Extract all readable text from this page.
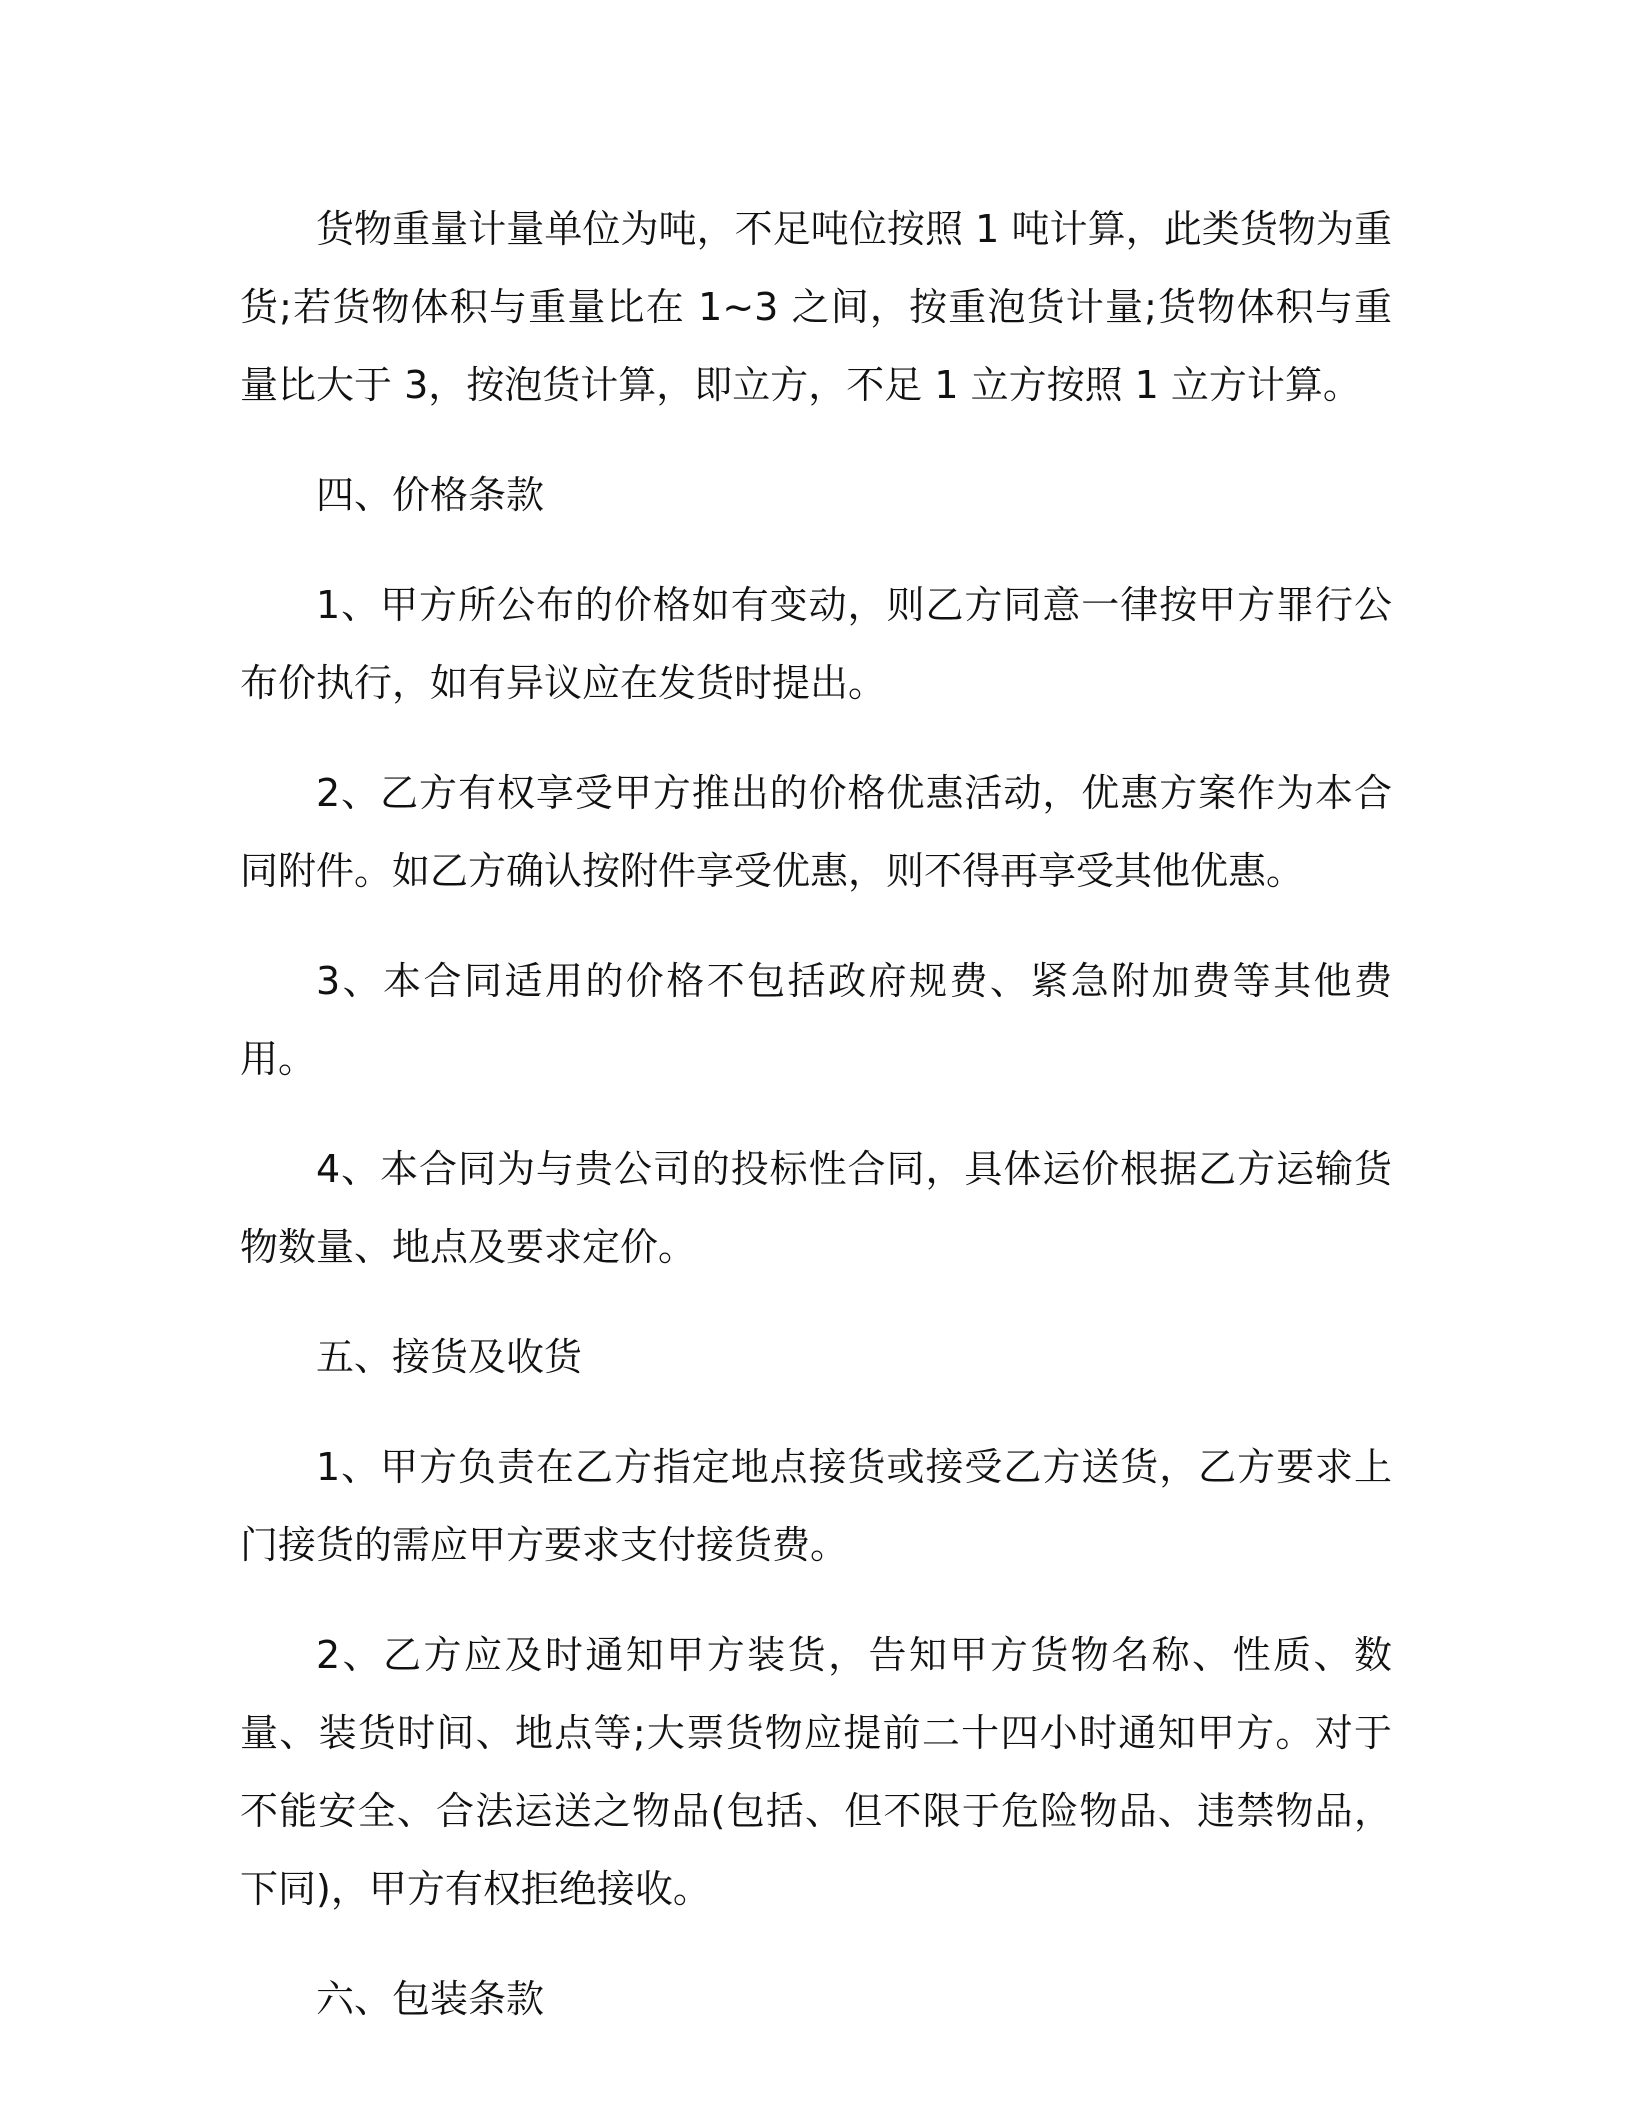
货物重量计量单位为吨，不足吨位按照 1 吨计算，此类货物为重货;若货物体积与重量比在 1~3 之间，按重泡货计量;货物体积与重量比大于 3，按泡货计算，即立方，不足 1 立方按照 1 立方计算。

四、价格条款

1、甲方所公布的价格如有变动，则乙方同意一律按甲方罪行公布价执行，如有异议应在发货时提出。

2、乙方有权享受甲方推出的价格优惠活动，优惠方案作为本合同附件。如乙方确认按附件享受优惠，则不得再享受其他优惠。

3、本合同适用的价格不包括政府规费、紧急附加费等其他费用。

4、本合同为与贵公司的投标性合同，具体运价根据乙方运输货物数量、地点及要求定价。

五、接货及收货

1、甲方负责在乙方指定地点接货或接受乙方送货，乙方要求上门接货的需应甲方要求支付接货费。

2、乙方应及时通知甲方装货，告知甲方货物名称、性质、数量、装货时间、地点等;大票货物应提前二十四小时通知甲方。对于不能安全、合法运送之物品(包括、但不限于危险物品、违禁物品，下同)，甲方有权拒绝接收。

六、包装条款
